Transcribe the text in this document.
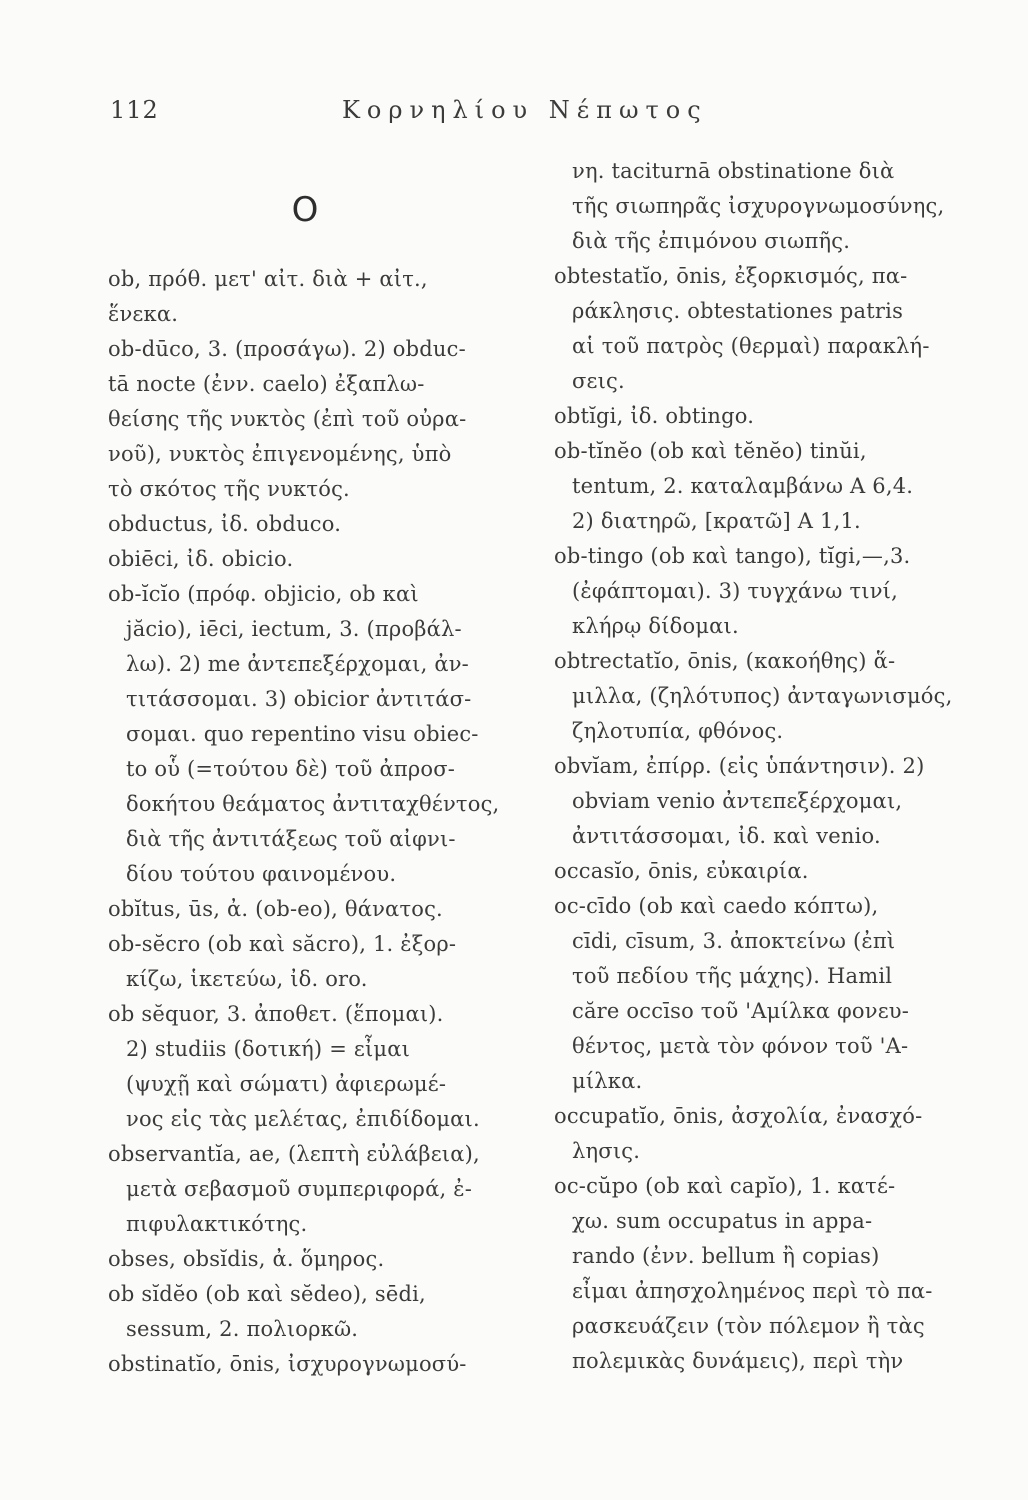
112	Κορνηλίου Νέπωτος
O
ob, πρόθ. μετ' αἰτ. διὰ + αἰτ.,
ἕνεκα.
ob-dūco, 3. (προσάγω). 2) obduc-
tā nocte (ἐνν. caelo) ἐξαπλω-
θείσης τῆς νυκτὸς (ἐπὶ τοῦ οὐρα-
νοῦ), νυκτὸς ἐπιγενομένης, ὑπὸ
τὸ σκότος τῆς νυκτός.
obductus, ἰδ. obduco.
obiēci, ἰδ. obicio.
ob-ĭcĭo (πρόφ. objicio, ob καὶ
jăcio), iēci, iectum, 3. (προβάλ-
λω). 2) me ἀντεπεξέρχομαι, ἀν-
τιτάσσομαι. 3) obicior ἀντιτάσ-
σομαι. quo repentino visu obiec-
to οὗ (=τούτου δὲ) τοῦ ἀπροσ-
δοκήτου θεάματος ἀντιταχθέντος,
διὰ τῆς ἀντιτάξεως τοῦ αἰφνι-
δίου τούτου φαινομένου.
obĭtus, ūs, ἀ. (ob-eo), θάνατος.
ob-sĕcro (ob καὶ săcro), 1. ἐξορ-
κίζω, ἱκετεύω, ἰδ. oro.
ob sĕquor, 3. ἀποθετ. (ἕπομαι).
2) studiis (δοτική) = εἶμαι
(ψυχῇ καὶ σώματι) ἀφιερωμέ-
νος εἰς τὰς μελέτας, ἐπιδίδομαι.
observantĭa, ae, (λεπτὴ εὐλάβεια),
μετὰ σεβασμοῦ συμπεριφορά, ἐ-
πιφυλακτικότης.
obses, obsĭdis, ἀ. ὅμηρος.
ob sĭdĕo (ob καὶ sĕdeo), sēdi,
sessum, 2. πολιορκῶ.
obstinatĭo, ōnis, ἰσχυρογνωμοσύ-
νη. taciturnā obstinatione διὰ
τῆς σιωπηρᾶς ἰσχυρογνωμοσύνης,
διὰ τῆς ἐπιμόνου σιωπῆς.
obtestatĭo, ōnis, ἐξορκισμός, πα-
ράκλησις. obtestationes patris
αἱ τοῦ πατρὸς (θερμαὶ) παρακλή-
σεις.
obtĭgi, ἰδ. obtingo.
ob-tĭnĕo (ob καὶ tĕnĕo) tinŭi,
tentum, 2. καταλαμβάνω A 6,4.
2) διατηρῶ, [κρατῶ] A 1,1.
ob-tingo (ob καὶ tango), tĭgi,—,3.
(ἐφάπτομαι). 3) τυγχάνω τινί,
κλήρῳ δίδομαι.
obtrectatĭo, ōnis, (κακοήθης) ἅ-
μιλλα, (ζηλότυπος) ἀνταγωνισμός,
ζηλοτυπία, φθόνος.
obvĭam, ἐπίρρ. (εἰς ὑπάντησιν). 2)
obviam venio ἀντεπεξέρχομαι,
ἀντιτάσσομαι, ἰδ. καὶ venio.
occasĭo, ōnis, εὐκαιρία.
oc-cīdo (ob καὶ caedo κόπτω),
cīdi, cīsum, 3. ἀποκτείνω (ἐπὶ
τοῦ πεδίου τῆς μάχης). Hamil
căre occīso τοῦ 'Αμίλκα φονευ-
θέντος, μετὰ τὸν φόνον τοῦ 'Α-
μίλκα.
occupatĭo, ōnis, ἀσχολία, ἐνασχό-
λησις.
oc-cŭpo (ob καὶ capĭo), 1. κατέ-
χω. sum occupatus in appa-
rando (ἐνν. bellum ἢ copias)
εἶμαι ἀπησχολημένος περὶ τὸ πα-
ρασκευάζειν (τὸν πόλεμον ἢ τὰς
πολεμικὰς δυνάμεις), περὶ τὴν
